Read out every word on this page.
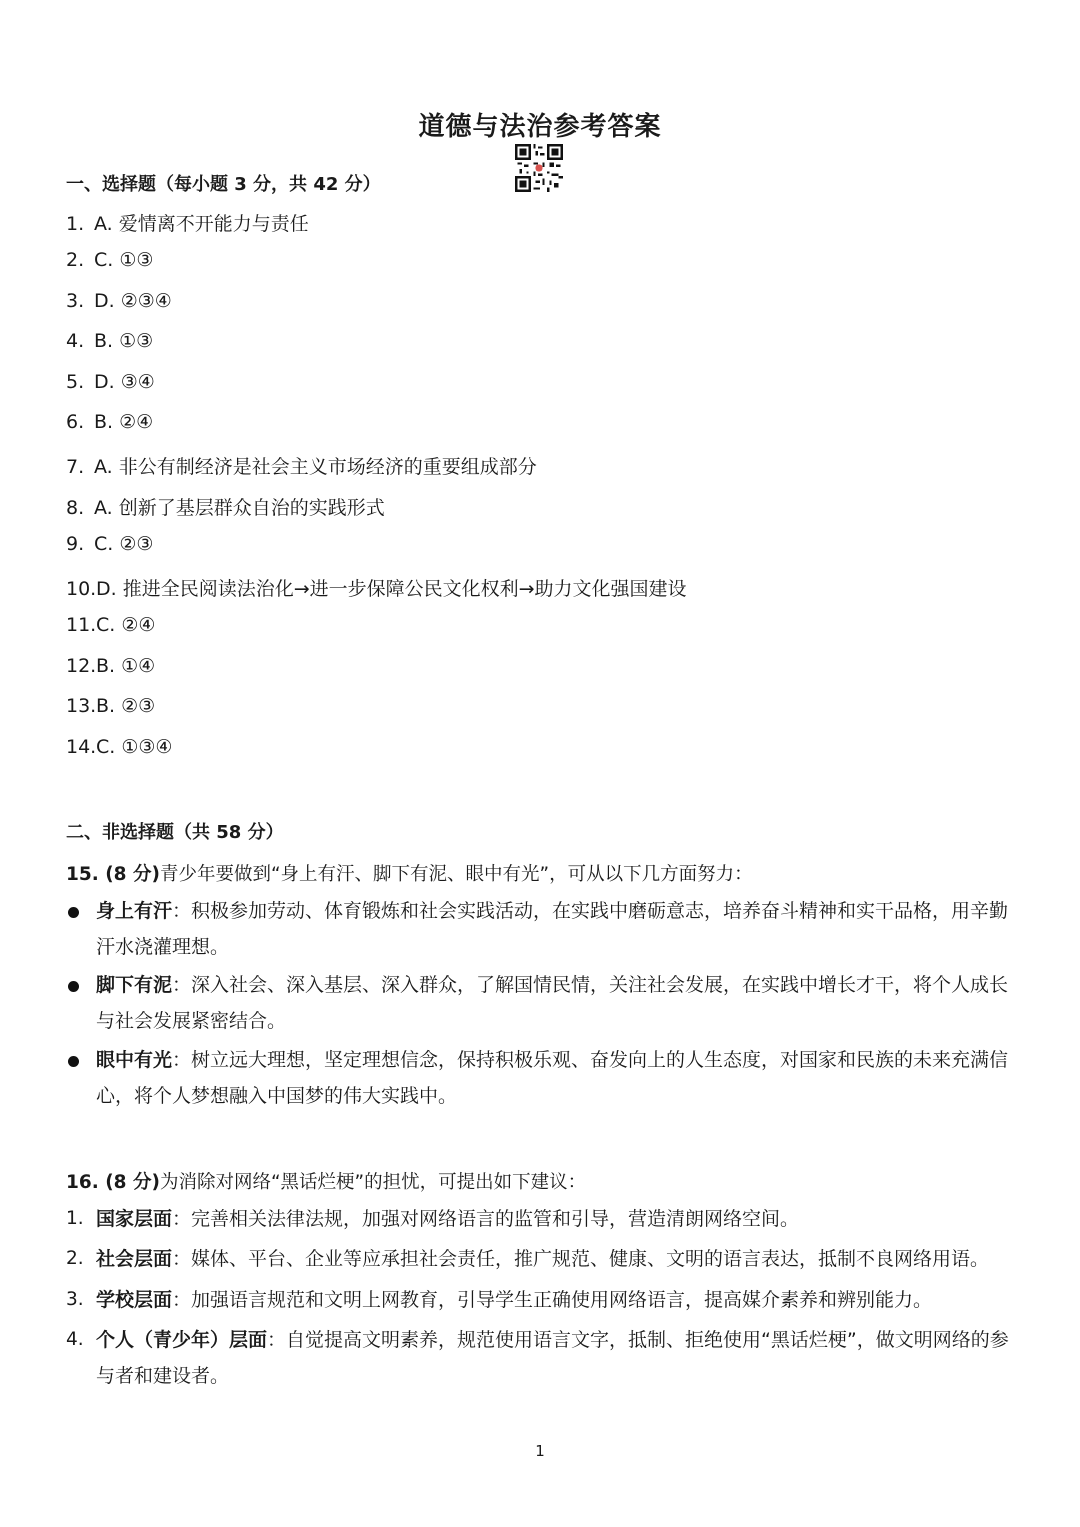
道德与法治参考答案
一、选择题（每小题 3 分，共 42 分）
1. A. 爱情离不开能力与责任
2. C. ①③
3. D. ②③④
4. B. ①③
5. D. ③④
6. B. ②④
7. A. 非公有制经济是社会主义市场经济的重要组成部分
8. A. 创新了基层群众自治的实践形式
9. C. ②③
10.D. 推进全民阅读法治化→进一步保障公民文化权利→助力文化强国建设
11.C. ②④
12.B. ①④
13.B. ②③
14.C. ①③④
二、非选择题（共 58 分）
15. (8 分)青少年要做到“身上有汗、脚下有泥、眼中有光”，可从以下几方面努力：
身上有汗：积极参加劳动、体育锻炼和社会实践活动，在实践中磨砺意志，培养奋斗精神和实干品格，用辛勤汗水浇灌理想。
脚下有泥：深入社会、深入基层、深入群众，了解国情民情，关注社会发展，在实践中增长才干，将个人成长与社会发展紧密结合。
眼中有光：树立远大理想，坚定理想信念，保持积极乐观、奋发向上的人生态度，对国家和民族的未来充满信心，将个人梦想融入中国梦的伟大实践中。
16. (8 分)为消除对网络“黑话烂梗”的担忧，可提出如下建议：
1. 国家层面：完善相关法律法规，加强对网络语言的监管和引导，营造清朗网络空间。
2. 社会层面：媒体、平台、企业等应承担社会责任，推广规范、健康、文明的语言表达，抵制不良网络用语。
3. 学校层面：加强语言规范和文明上网教育，引导学生正确使用网络语言，提高媒介素养和辨别能力。
4. 个人（青少年）层面：自觉提高文明素养，规范使用语言文字，抵制、拒绝使用“黑话烂梗”，做文明网络的参与者和建设者。
1
